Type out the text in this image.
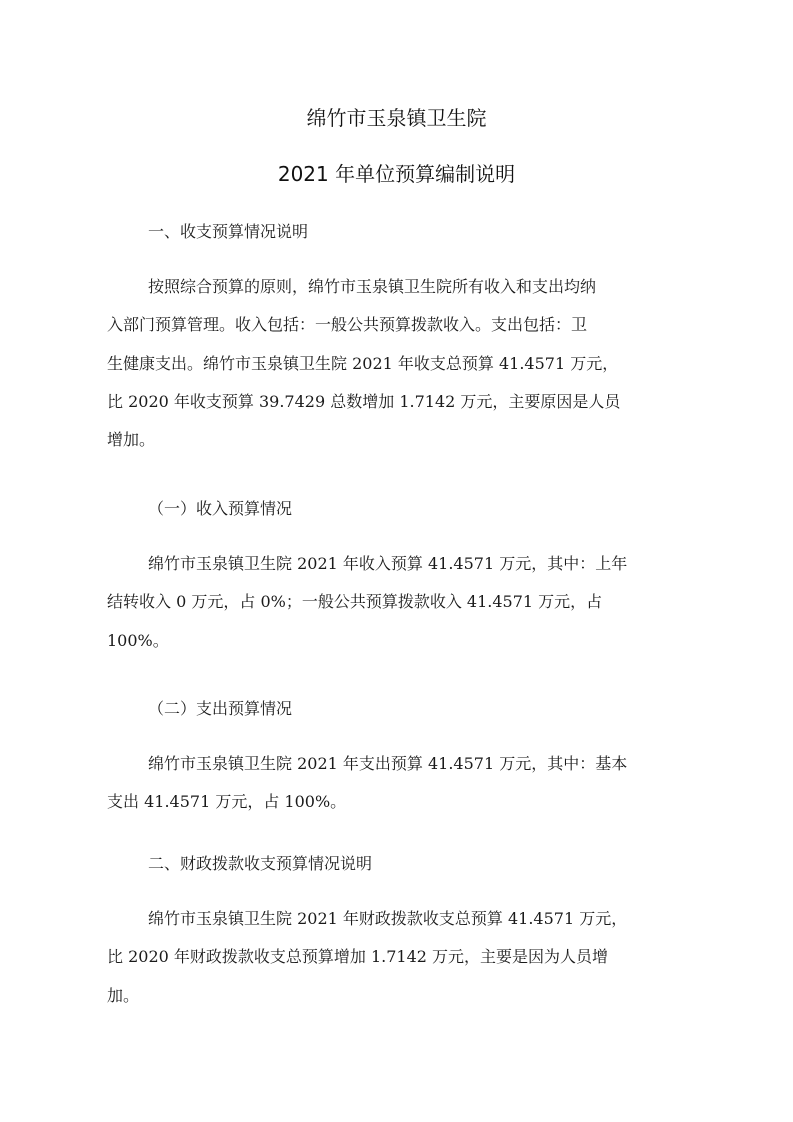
绵竹市玉泉镇卫生院
2021 年单位预算编制说明
一、收支预算情况说明
按照综合预算的原则，绵竹市玉泉镇卫生院所有收入和支出均纳
入部门预算管理。收入包括：一般公共预算拨款收入。支出包括：卫
生健康支出。绵竹市玉泉镇卫生院 2021 年收支总预算 41.4571 万元，
比 2020 年收支预算 39.7429 总数增加 1.7142 万元，主要原因是人员
增加。
（一）收入预算情况
绵竹市玉泉镇卫生院 2021 年收入预算 41.4571 万元，其中：上年
结转收入 0 万元，占 0%；一般公共预算拨款收入 41.4571 万元，占
100%。
（二）支出预算情况
绵竹市玉泉镇卫生院 2021 年支出预算 41.4571 万元，其中：基本
支出 41.4571 万元，占 100%。
二、财政拨款收支预算情况说明
绵竹市玉泉镇卫生院 2021 年财政拨款收支总预算 41.4571 万元，
比 2020 年财政拨款收支总预算增加 1.7142 万元，主要是因为人员增
加。
